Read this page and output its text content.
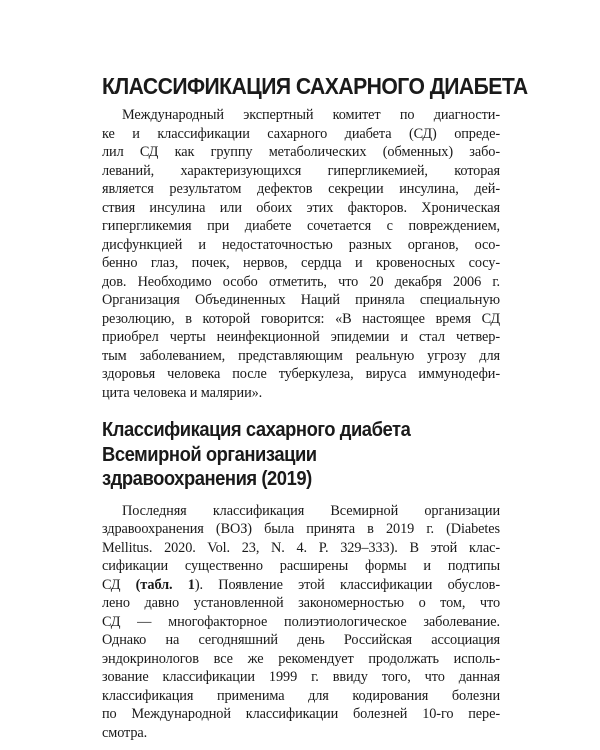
КЛАССИФИКАЦИЯ САХАРНОГО ДИАБЕТА
Международный экспертный комитет по диагности-
ке и классификации сахарного диабета (СД) опреде-
лил СД как группу метаболических (обменных) забо-
леваний, характеризующихся гипергликемией, которая
является результатом дефектов секреции инсулина, дей-
ствия инсулина или обоих этих факторов. Хроническая
гипергликемия при диабете сочетается с повреждением,
дисфункцией и недостаточностью разных органов, осо-
бенно глаз, почек, нервов, сердца и кровеносных сосу-
дов. Необходимо особо отметить, что 20 декабря 2006 г.
Организация Объединенных Наций приняла специальную
резолюцию, в которой говорится: «В настоящее время СД
приобрел черты неинфекционной эпидемии и стал четвер-
тым заболеванием, представляющим реальную угрозу для
здоровья человека после туберкулеза, вируса иммунодефи-
цита человека и малярии».
Классификация сахарного диабета
Всемирной организации
здравоохранения (2019)
Последняя классификация Всемирной организации
здравоохранения (ВОЗ) была принята в 2019 г. (Diabetes
Mellitus. 2020. Vol. 23, N. 4. P. 329–333). В этой клас-
сификации существенно расширены формы и подтипы
СД (табл. 1). Появление этой классификации обуслов-
лено давно установленной закономерностью о том, что
СД — многофакторное полиэтиологическое заболевание.
Однако на сегодняшний день Российская ассоциация
эндокринологов все же рекомендует продолжать исполь-
зование классификации 1999 г. ввиду того, что данная
классификация применима для кодирования болезни
по Международной классификации болезней 10-го пере-
смотра.
